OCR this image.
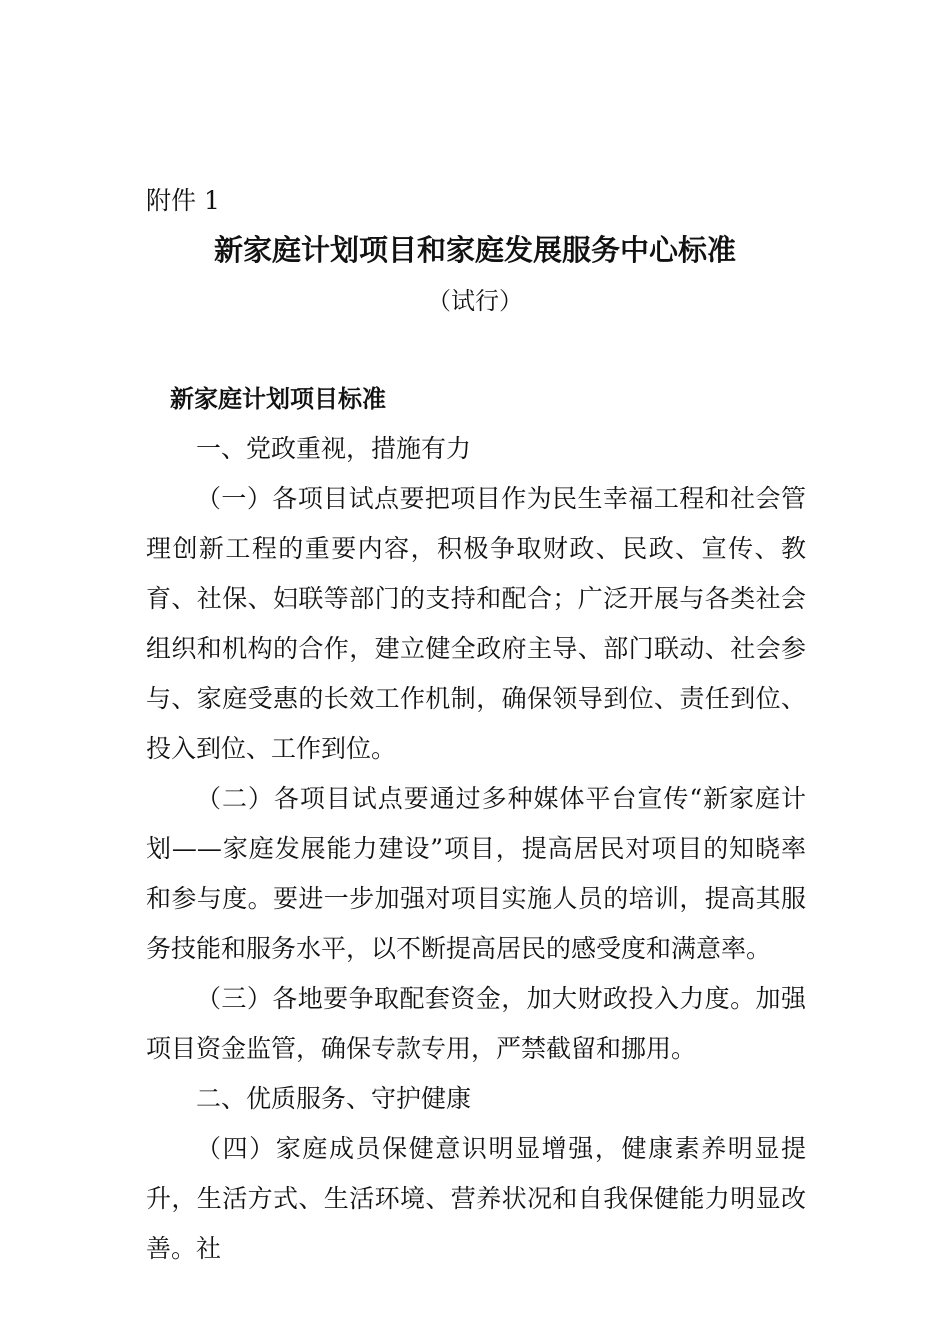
附件 1
新家庭计划项目和家庭发展服务中心标准
（试行）
新家庭计划项目标准

一、党政重视，措施有力

（一）各项目试点要把项目作为民生幸福工程和社会管理创新工程的重要内容，积极争取财政、民政、宣传、教育、社保、妇联等部门的支持和配合；广泛开展与各类社会组织和机构的合作，建立健全政府主导、部门联动、社会参与、家庭受惠的长效工作机制，确保领导到位、责任到位、投入到位、工作到位。

（二）各项目试点要通过多种媒体平台宣传“新家庭计划——家庭发展能力建设”项目，提高居民对项目的知晓率和参与度。要进一步加强对项目实施人员的培训，提高其服务技能和服务水平，以不断提高居民的感受度和满意率。

（三）各地要争取配套资金，加大财政投入力度。加强项目资金监管，确保专款专用，严禁截留和挪用。

二、优质服务、守护健康

（四）家庭成员保健意识明显增强，健康素养明显提升，生活方式、生活环境、营养状况和自我保健能力明显改善。社
